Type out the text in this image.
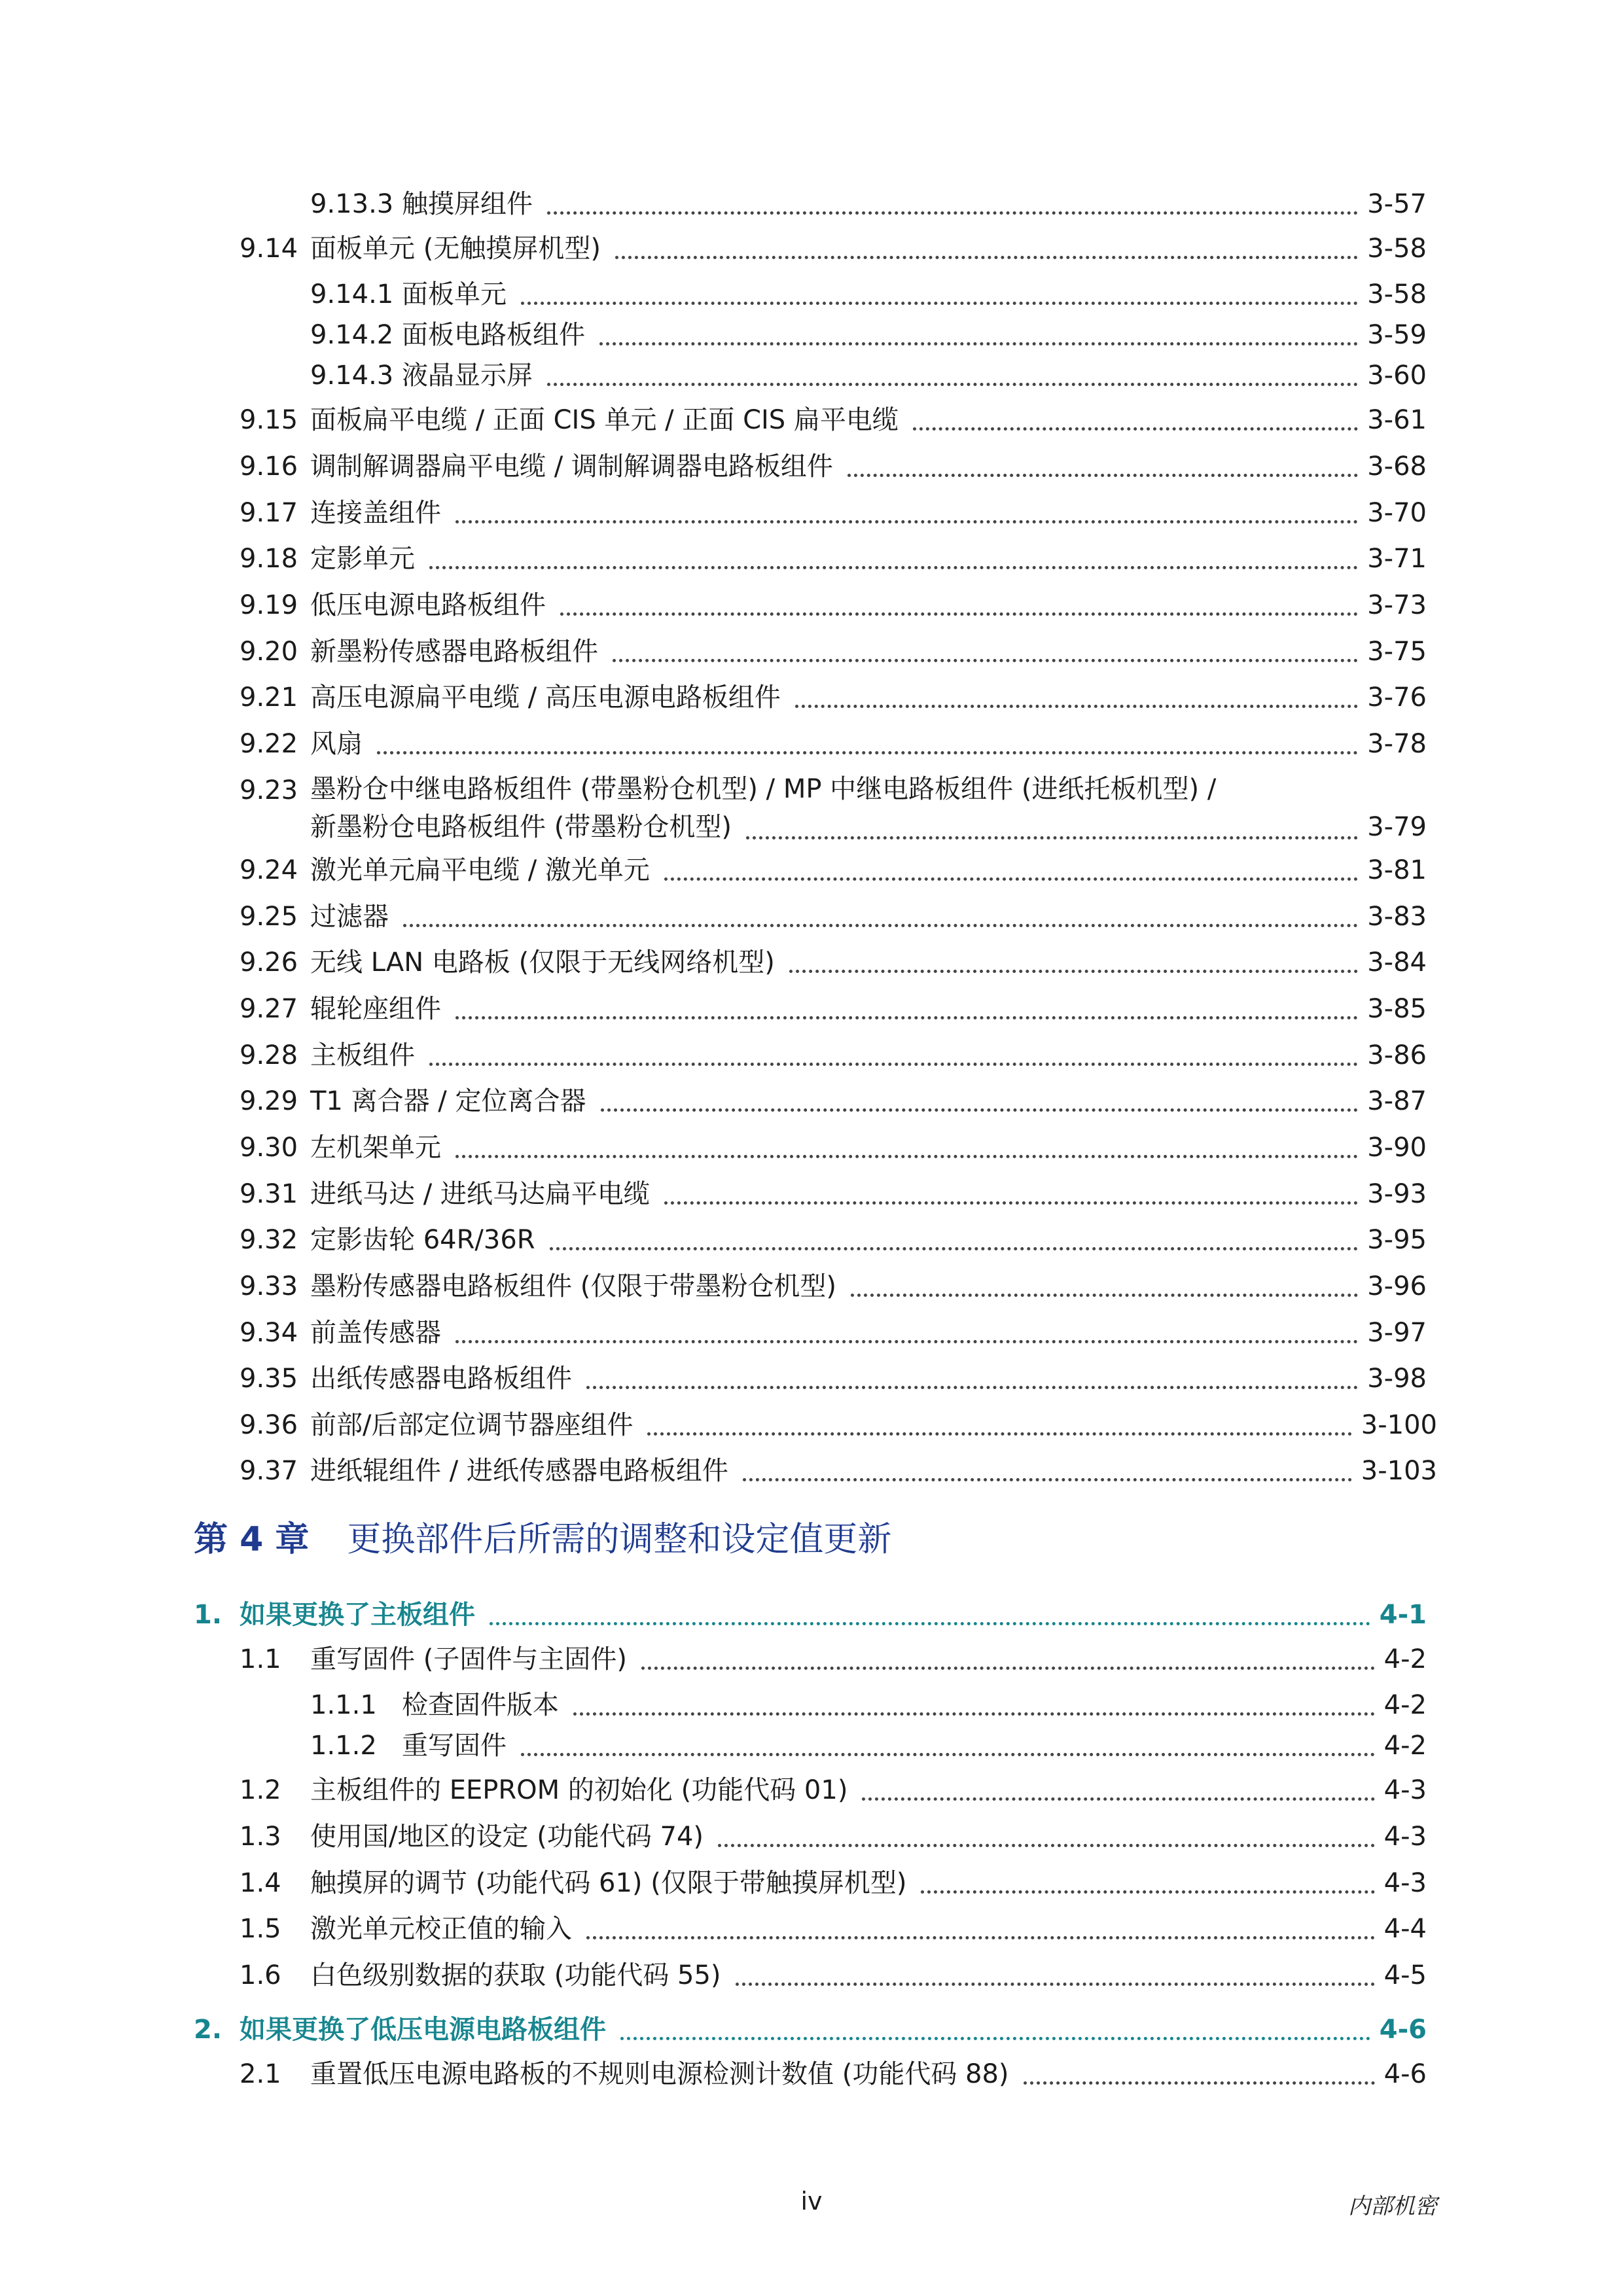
9.13.3 触摸屏组件	3-57
9.14 面板单元 (无触摸屏机型)	3-58
9.14.1 面板单元	3-58
9.14.2 面板电路板组件	3-59
9.14.3 液晶显示屏	3-60
9.15 面板扁平电缆 / 正面 CIS 单元 / 正面 CIS 扁平电缆	3-61
9.16 调制解调器扁平电缆 / 调制解调器电路板组件	3-68
9.17 连接盖组件	3-70
9.18 定影单元	3-71
9.19 低压电源电路板组件	3-73
9.20 新墨粉传感器电路板组件	3-75
9.21 高压电源扁平电缆 / 高压电源电路板组件	3-76
9.22 风扇	3-78
9.23 墨粉仓中继电路板组件 (带墨粉仓机型) / MP 中继电路板组件 (进纸托板机型) /
新墨粉仓电路板组件 (带墨粉仓机型)	3-79
9.24 激光单元扁平电缆 / 激光单元	3-81
9.25 过滤器	3-83
9.26 无线 LAN 电路板 (仅限于无线网络机型)	3-84
9.27 辊轮座组件	3-85
9.28 主板组件	3-86
9.29 T1 离合器 / 定位离合器	3-87
9.30 左机架单元	3-90
9.31 进纸马达 / 进纸马达扁平电缆	3-93
9.32 定影齿轮 64R/36R	3-95
9.33 墨粉传感器电路板组件 (仅限于带墨粉仓机型)	3-96
9.34 前盖传感器	3-97
9.35 出纸传感器电路板组件	3-98
9.36 前部/后部定位调节器座组件	3-100
9.37 进纸辊组件 / 进纸传感器电路板组件	3-103
第 4 章 更换部件后所需的调整和设定值更新
1. 如果更换了主板组件	4-1
1.1 重写固件 (子固件与主固件)	4-2
1.1.1 检查固件版本	4-2
1.1.2 重写固件	4-2
1.2 主板组件的 EEPROM 的初始化 (功能代码 01)	4-3
1.3 使用国/地区的设定 (功能代码 74)	4-3
1.4 触摸屏的调节 (功能代码 61) (仅限于带触摸屏机型)	4-3
1.5 激光单元校正值的输入	4-4
1.6 白色级别数据的获取 (功能代码 55)	4-5
2. 如果更换了低压电源电路板组件	4-6
2.1 重置低压电源电路板的不规则电源检测计数值 (功能代码 88)	4-6
iv	内部机密
